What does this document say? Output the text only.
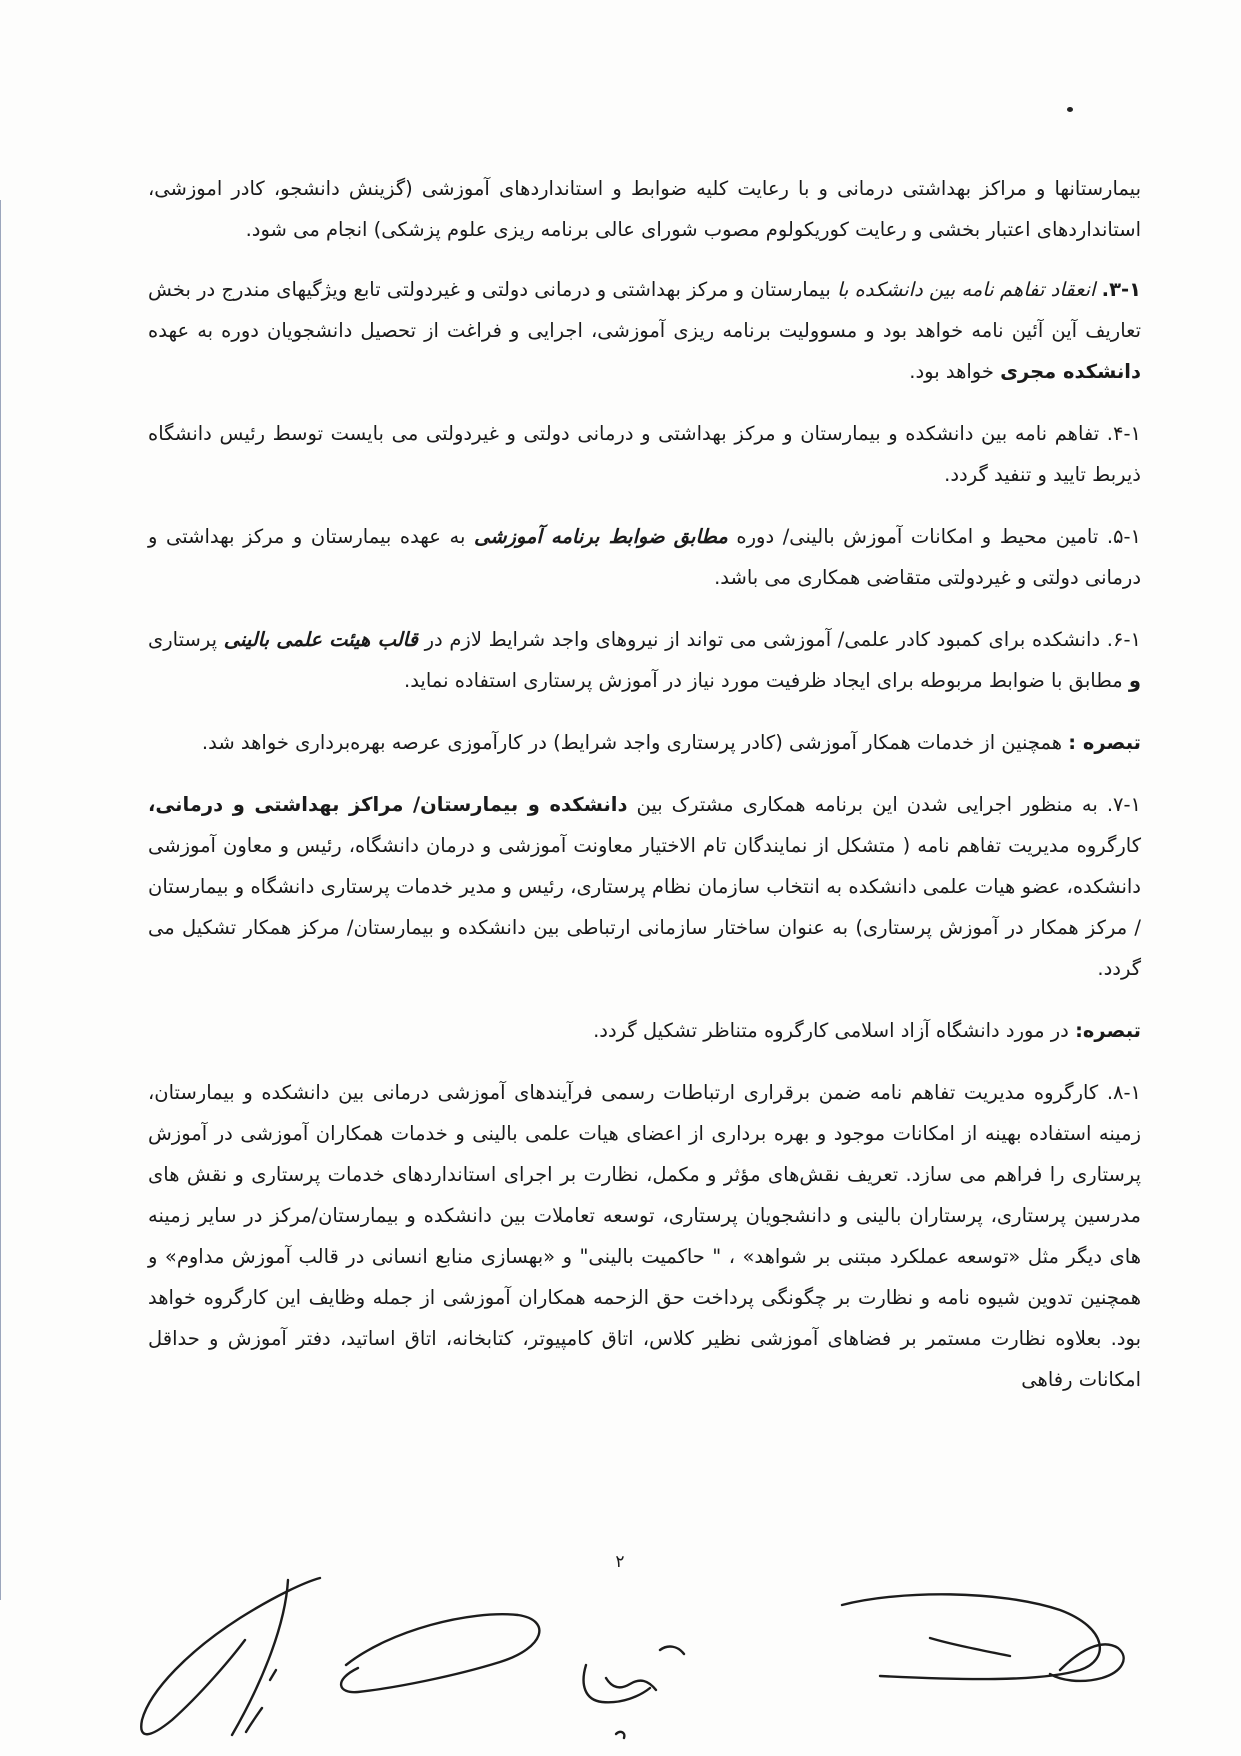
بیمارستانها و مراکز بهداشتی درمانی و با رعایت کلیه ضوابط و استانداردهای آموزشی (گزینش دانشجو، کادر اموزشی، استانداردهای اعتبار بخشی و رعایت کوریکولوم مصوب شورای عالی برنامه ریزی علوم پزشکی) انجام می شود.

۳-۱. انعقاد تفاهم نامه بین دانشکده با بیمارستان و مرکز بهداشتی و درمانی دولتی و غیردولتی تابع ویژگیهای مندرج در بخش تعاریف آین آئین نامه خواهد بود و مسوولیت برنامه ریزی آموزشی، اجرایی و فراغت از تحصیل دانشجویان دوره به عهده دانشکده مجری خواهد بود.

۴-۱. تفاهم نامه بین دانشکده و بیمارستان و مرکز بهداشتی و درمانی دولتی و غیردولتی می بایست توسط رئیس دانشگاه ذیربط تایید و تنفید گردد.

۵-۱. تامین محیط و امکانات آموزش بالینی/ دوره مطابق ضوابط برنامه آموزشی به عهده بیمارستان و مرکز بهداشتی و درمانی دولتی و غیردولتی متقاضی همکاری می باشد.

۶-۱. دانشکده برای کمبود کادر علمی/ آموزشی می تواند از نیروهای واجد شرایط لازم در قالب هیئت علمی بالینی پرستاری و مطابق با ضوابط مربوطه برای ایجاد ظرفیت مورد نیاز در آموزش پرستاری استفاده نماید.

تبصره : همچنین از خدمات همکار آموزشی (کادر پرستاری واجد شرایط) در کارآموزی عرصه بهره‌برداری خواهد شد.

۷-۱. به منظور اجرایی شدن این برنامه همکاری مشترک بین دانشکده و بیمارستان/ مراکز بهداشتی و درمانی، کارگروه مدیریت تفاهم نامه ( متشکل از نمایندگان تام الاختیار معاونت آموزشی و درمان دانشگاه، رئیس و معاون آموزشی دانشکده، عضو هیات علمی دانشکده به انتخاب سازمان نظام پرستاری، رئیس و مدیر خدمات پرستاری دانشگاه و بیمارستان / مرکز همکار در آموزش پرستاری) به عنوان ساختار سازمانی ارتباطی بین دانشکده و بیمارستان/ مرکز همکار تشکیل می گردد.

تبصره: در مورد دانشگاه آزاد اسلامی کارگروه متناظر تشکیل گردد.

۸-۱. کارگروه مدیریت تفاهم نامه ضمن برقراری ارتباطات رسمی فرآیندهای آموزشی درمانی بین دانشکده و بیمارستان، زمینه استفاده بهینه از امکانات موجود و بهره برداری از اعضای هیات علمی بالینی و خدمات همکاران آموزشی در آموزش پرستاری را فراهم می سازد. تعریف نقش‌های مؤثر و مکمل، نظارت بر اجرای استانداردهای خدمات پرستاری و نقش های مدرسین پرستاری، پرستاران بالینی و دانشجویان پرستاری، توسعه تعاملات بین دانشکده و بیمارستان/مرکز در سایر زمینه های دیگر مثل «توسعه عملکرد مبتنی بر شواهد» ، " حاکمیت بالینی" و «بهسازی منابع انسانی در قالب آموزش مداوم» و همچنین تدوین شیوه نامه و نظارت بر چگونگی پرداخت حق الزحمه همکاران آموزشی از جمله وظایف این کارگروه خواهد بود. بعلاوه نظارت مستمر بر فضاهای آموزشی نظیر کلاس، اتاق کامپیوتر، کتابخانه، اتاق اساتید، دفتر آموزش و حداقل امکانات رفاهی

۲
